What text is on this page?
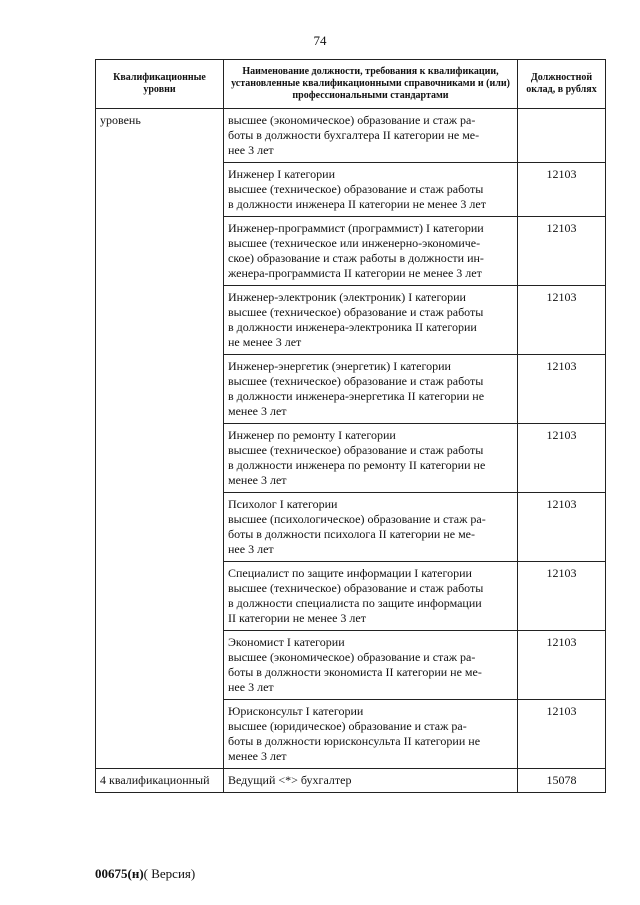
74
Квалификационные
уровни	Наименование должности, требования к квалификации, установленные квалификационными справочниками и (или) профессиональными стандартами	Должностной оклад, в рублях
уровень	высшее (экономическое) образование и стаж ра-
боты в должности бухгалтера II категории не ме-
нее 3 лет	

	Инженер I категории
высшее (техническое) образование и стаж работы
в должности инженера II категории не менее 3 лет	12103

	Инженер-программист (программист) I категории
высшее (техническое или инженерно-экономиче-
ское) образование и стаж работы в должности ин-
женера-программиста II категории не менее 3 лет	12103

	Инженер-электроник (электроник) I категории
высшее (техническое) образование и стаж работы
в должности инженера-электроника II категории
не менее 3 лет	12103

	Инженер-энергетик (энергетик) I категории
высшее (техническое) образование и стаж работы
в должности инженера-энергетика II категории не
менее 3 лет	12103

	Инженер по ремонту I категории
высшее (техническое) образование и стаж работы
в должности инженера по ремонту II категории не
менее 3 лет	12103

	Психолог I категории
высшее (психологическое) образование и стаж ра-
боты в должности психолога II категории не ме-
нее 3 лет	12103

	Специалист по защите информации I категории
высшее (техническое) образование и стаж работы
в должности специалиста по защите информации
II категории не менее 3 лет	12103

	Экономист I категории
высшее (экономическое) образование и стаж ра-
боты в должности экономиста II категории не ме-
нее 3 лет	12103

	Юрисконсульт I категории
высшее (юридическое) образование и стаж ра-
боты в должности юрисконсульта II категории не
менее 3 лет	12103
4 квалификационный	Ведущий <*> бухгалтер	15078
00675(н)( Версия)
